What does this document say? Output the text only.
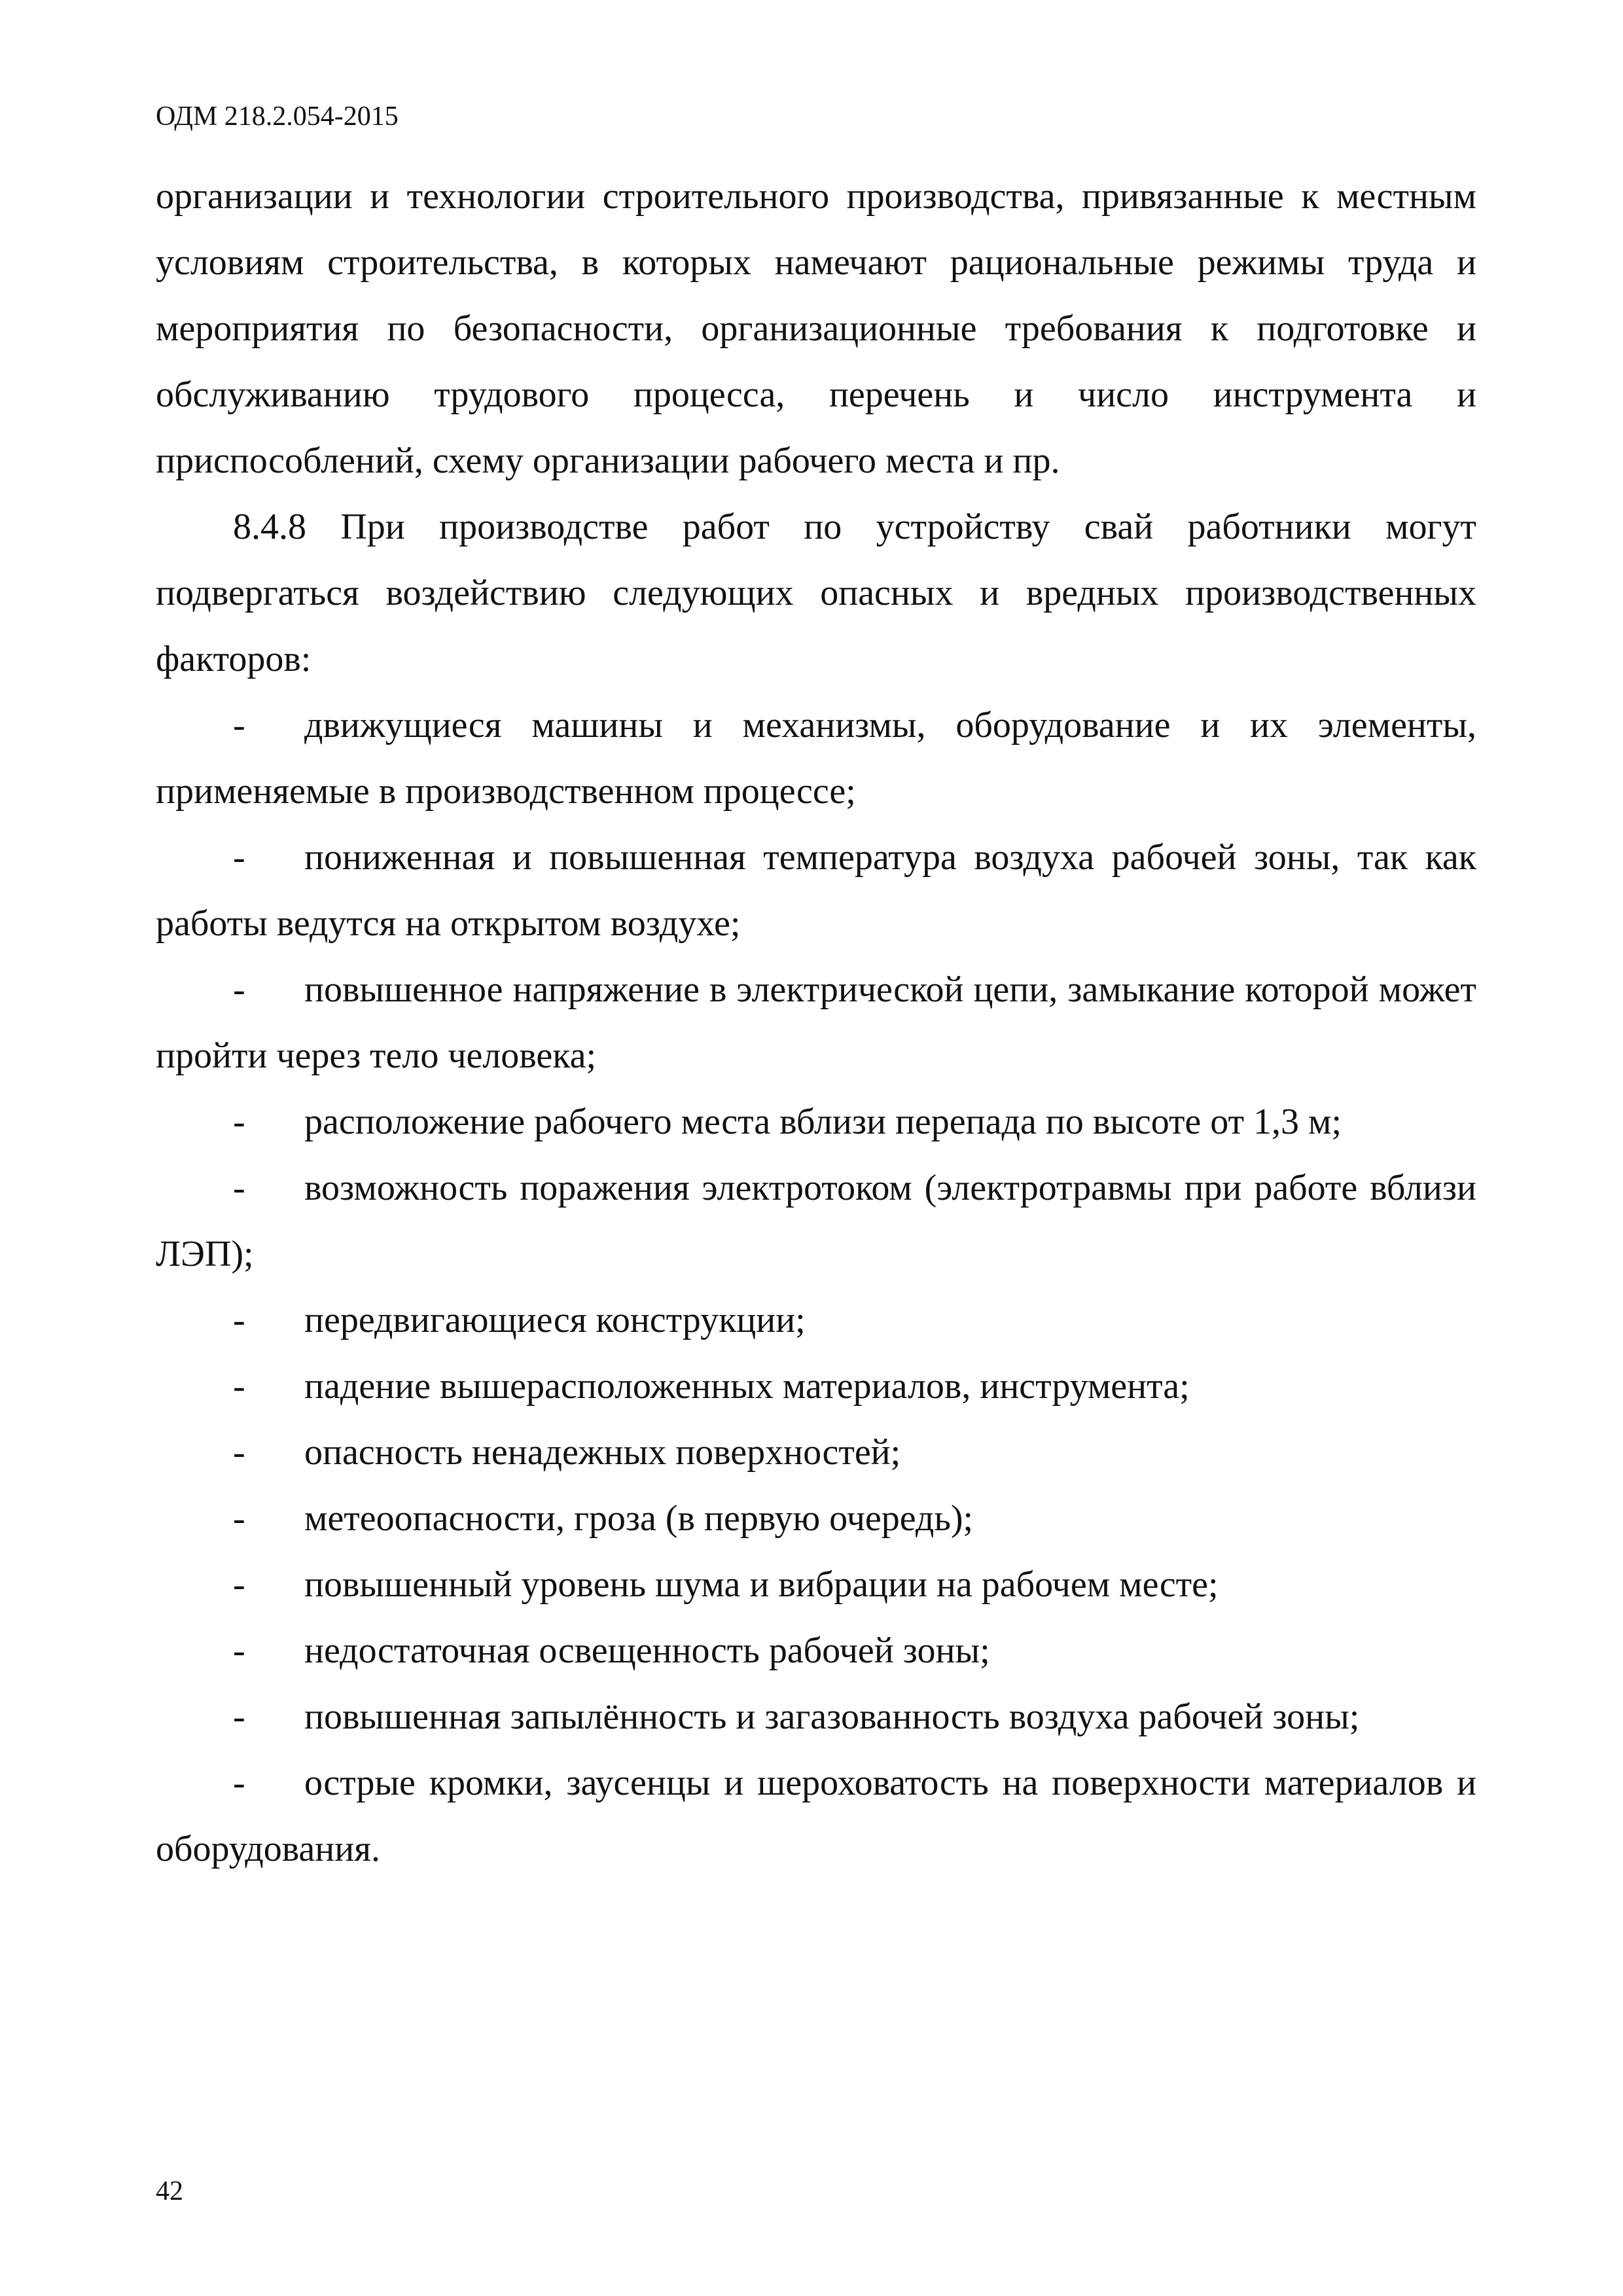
ОДМ 218.2.054-2015

организации и технологии строительного производства, привязанные к местным условиям строительства, в которых намечают рациональные режимы труда и мероприятия по безопасности, организационные требования к подготовке и обслуживанию трудового процесса, перечень и число инструмента и приспособлений, схему организации рабочего места и пр.

8.4.8 При производстве работ по устройству свай работники могут подвергаться воздействию следующих опасных и вредных производственных факторов:

- движущиеся машины и механизмы, оборудование и их элементы, применяемые в производственном процессе;
- пониженная и повышенная температура воздуха рабочей зоны, так как работы ведутся на открытом воздухе;
- повышенное напряжение в электрической цепи, замыкание которой может пройти через тело человека;
- расположение рабочего места вблизи перепада по высоте от 1,3 м;
- возможность поражения электротоком (электротравмы при работе вблизи ЛЭП);
- передвигающиеся конструкции;
- падение вышерасположенных материалов, инструмента;
- опасность ненадежных поверхностей;
- метеоопасности, гроза (в первую очередь);
- повышенный уровень шума и вибрации на рабочем месте;
- недостаточная освещенность рабочей зоны;
- повышенная запылённость и загазованность воздуха рабочей зоны;
- острые кромки, заусенцы и шероховатость на поверхности материалов и оборудования.
42
